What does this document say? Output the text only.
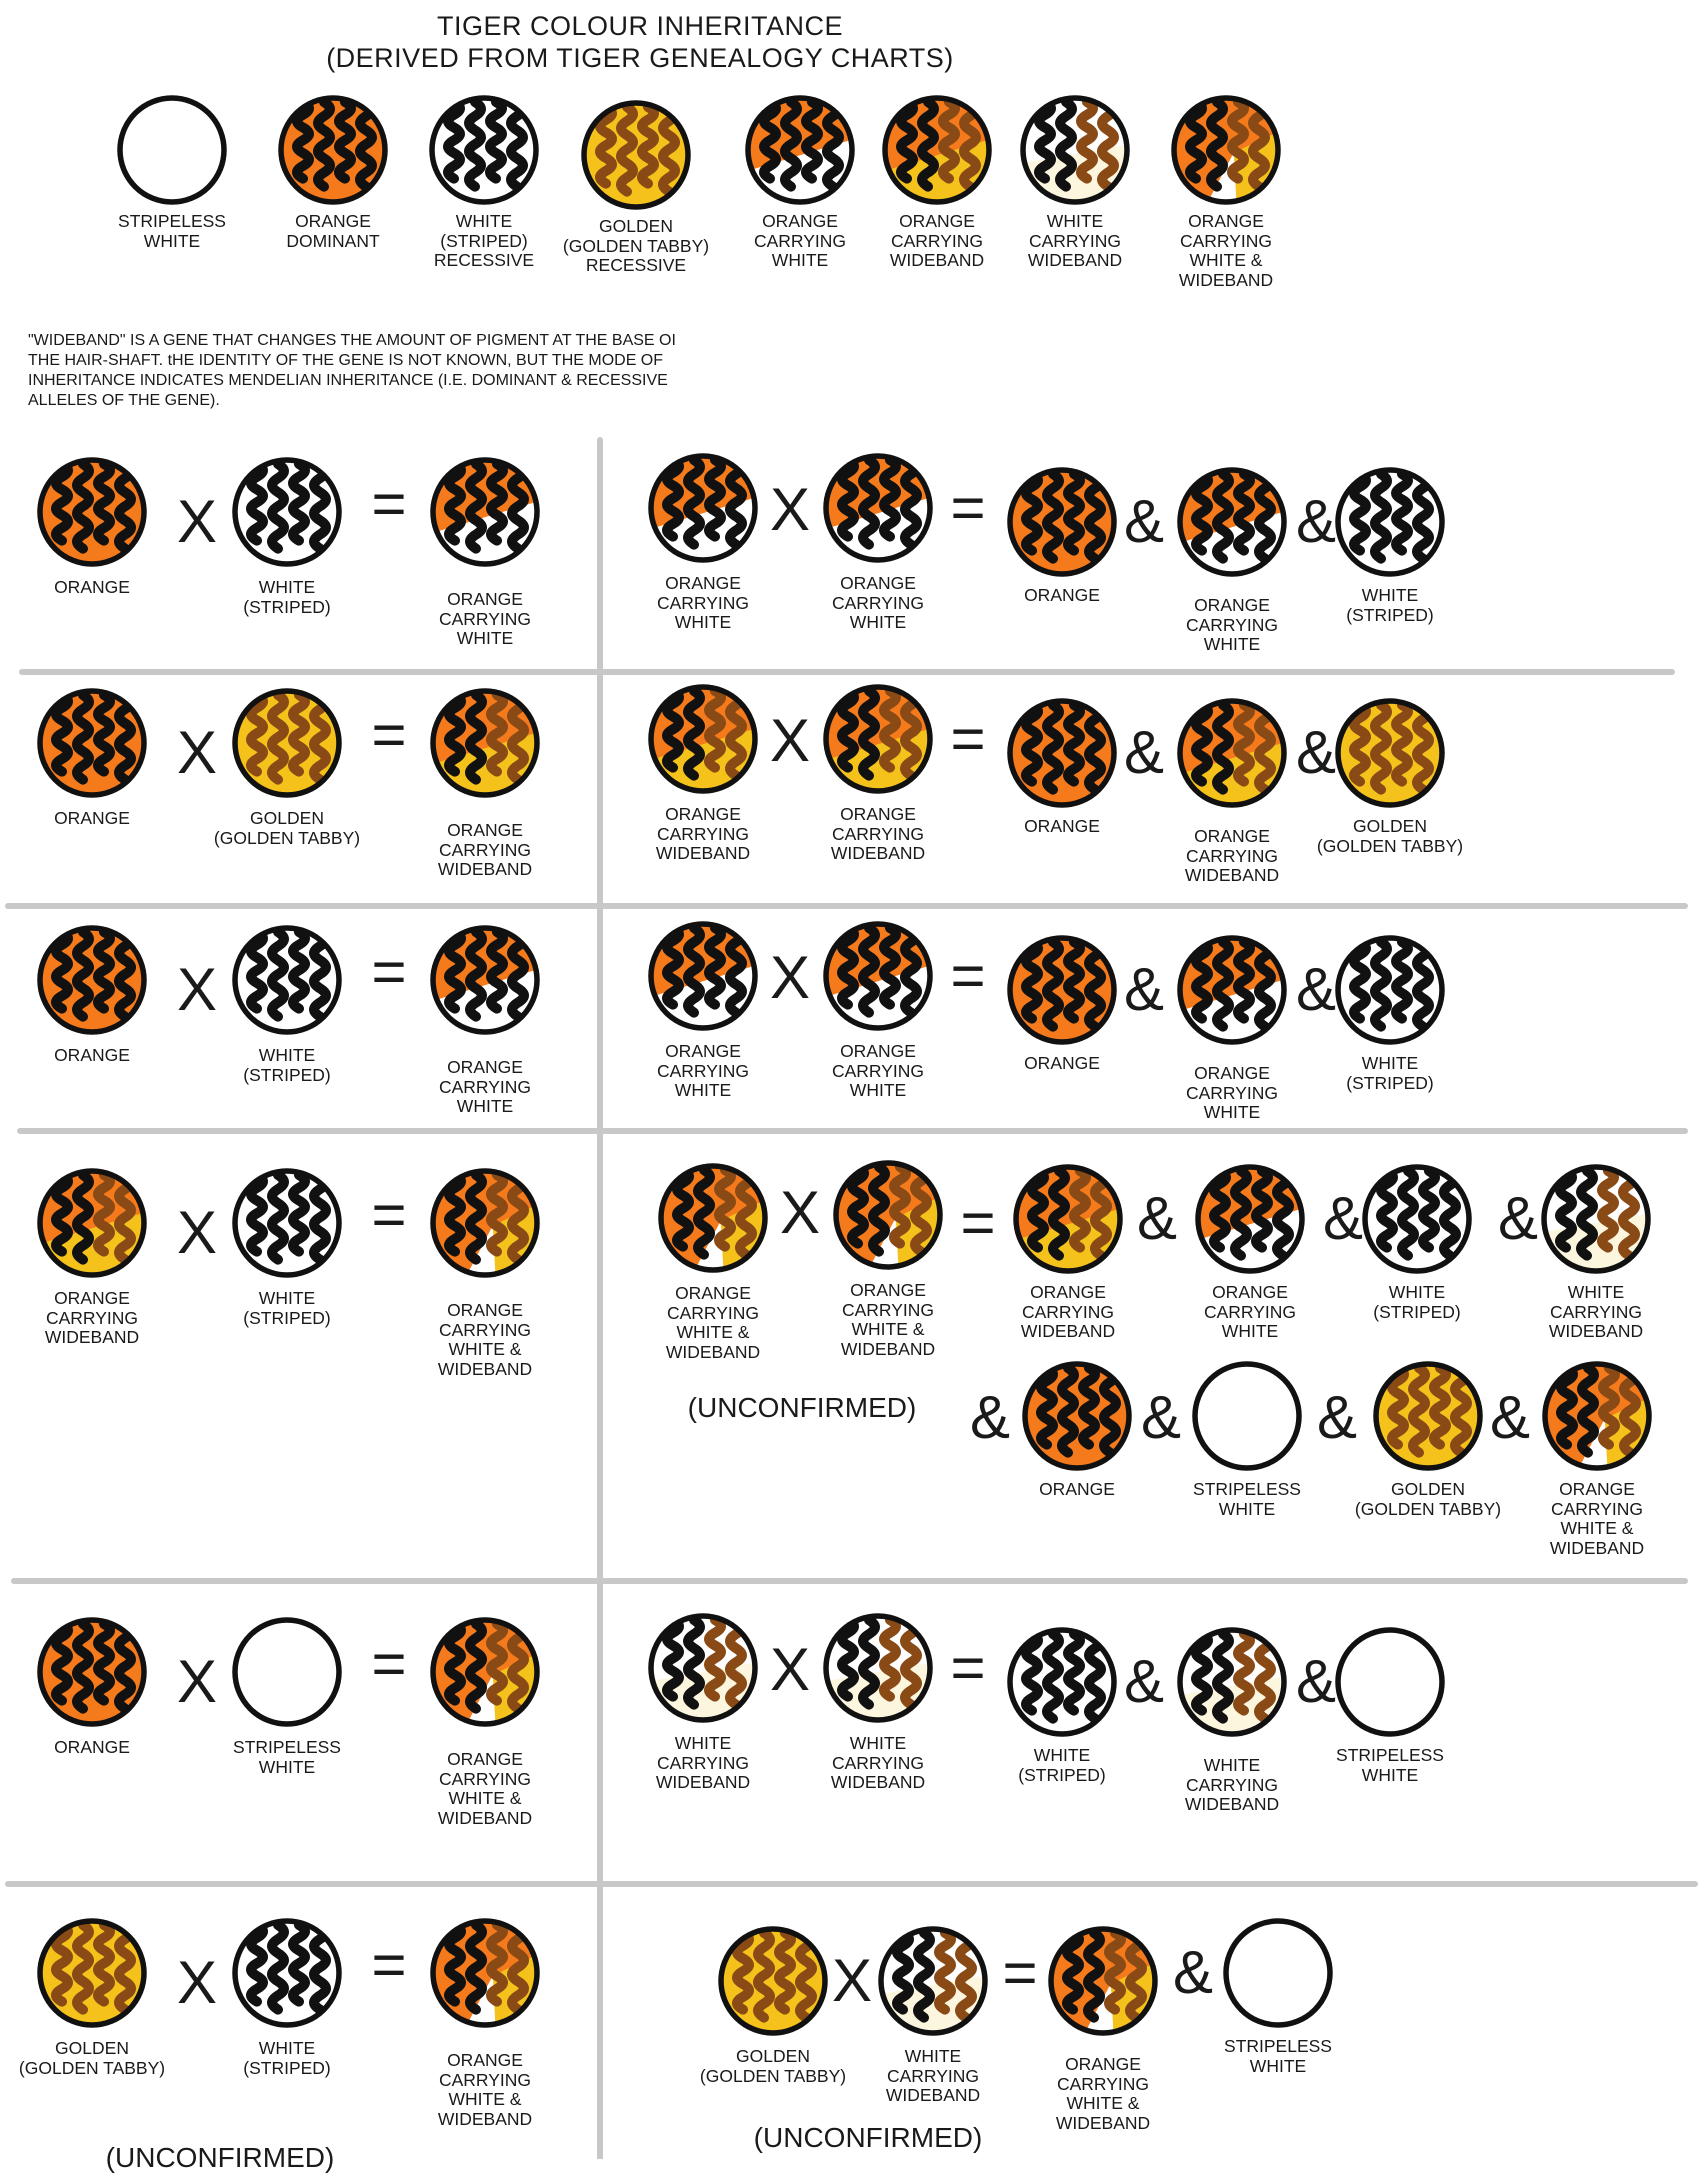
TIGER COLOUR INHERITANCE
(DERIVED FROM TIGER GENEALOGY CHARTS)
"WIDEBAND" IS A GENE THAT CHANGES THE AMOUNT OF PIGMENT AT THE BASE OI
THE HAIR-SHAFT. tHE IDENTITY OF THE GENE IS NOT KNOWN, BUT THE MODE OF
INHERITANCE INDICATES MENDELIAN INHERITANCE (I.E. DOMINANT & RECESSIVE
ALLELES OF THE GENE).
STRIPELESS
WHITE
ORANGE
DOMINANT
WHITE
(STRIPED)
RECESSIVE
GOLDEN
(GOLDEN TABBY)
RECESSIVE
ORANGE
CARRYING
WHITE
ORANGE
CARRYING
WIDEBAND
WHITE
CARRYING
WIDEBAND
ORANGE
CARRYING
WHITE &
WIDEBAND
ORANGE
X
WHITE
(STRIPED)
=
ORANGE
CARRYING
WHITE
ORANGE
CARRYING
WHITE
X
ORANGE
CARRYING
WHITE
=
ORANGE	ORANGE
CARRYING
WHITE
WHITE
(STRIPED)
& &
ORANGE
X
GOLDEN
(GOLDEN TABBY)
=
ORANGE
CARRYING
WIDEBAND
ORANGE
CARRYING
WIDEBAND
X
ORANGE
CARRYING
WIDEBAND
=
ORANGE	ORANGE
CARRYING
WIDEBAND
GOLDEN
(GOLDEN TABBY)
& &
ORANGE
X
WHITE
(STRIPED)
=
ORANGE
CARRYING
WHITE
ORANGE
CARRYING
WHITE
X
ORANGE
CARRYING
WHITE
=
ORANGE	ORANGE
CARRYING
WHITE
WHITE
(STRIPED)
& &
ORANGE
CARRYING
WIDEBAND
X
WHITE
(STRIPED)
=
ORANGE
CARRYING
WHITE &
WIDEBAND
ORANGE
CARRYING
WHITE &
WIDEBAND
X
ORANGE
CARRYING
WHITE &
WIDEBAND
=
ORANGE
CARRYING
WIDEBAND
ORANGE
CARRYING
WHITE
WHITE
(STRIPED)
WHITE
CARRYING
WIDEBAND
& & &
ORANGE	STRIPELESS
WHITE
GOLDEN
(GOLDEN TABBY)
ORANGE
CARRYING
WHITE &
WIDEBAND
& & & &
(UNCONFIRMED)
ORANGE
X
STRIPELESS
WHITE
=
ORANGE
CARRYING
WHITE &
WIDEBAND
WHITE
CARRYING
WIDEBAND
X
WHITE
CARRYING
WIDEBAND
=
WHITE
(STRIPED)	WHITE
CARRYING
WIDEBAND
STRIPELESS
WHITE
& &
GOLDEN
(GOLDEN TABBY)
X
WHITE
(STRIPED)
=
ORANGE
CARRYING
WHITE &
WIDEBAND
(UNCONFIRMED)
GOLDEN
(GOLDEN TABBY)
X
WHITE
CARRYING
WIDEBAND
=
ORANGE
CARRYING
WHITE &
WIDEBAND
&
STRIPELESS
WHITE
(UNCONFIRMED)
